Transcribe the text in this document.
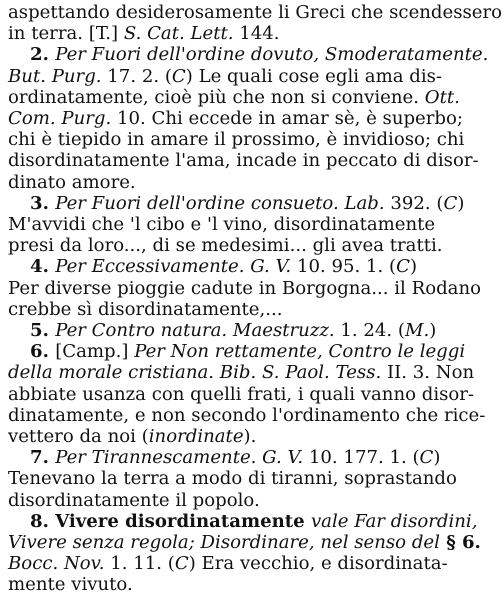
aspettando desiderosamente li Greci che scendessero
in terra. [T.] S. Cat. Lett. 144.
2. Per Fuori dell'ordine dovuto, Smoderatamente.
But. Purg. 17. 2. (C) Le quali cose egli ama dis-
ordinatamente, cioè più che non si conviene. Ott.
Com. Purg. 10. Chi eccede in amar sè, è superbo;
chi è tiepido in amare il prossimo, è invidioso; chi
disordinatamente l'ama, incade in peccato di disor-
dinato amore.
3. Per Fuori dell'ordine consueto. Lab. 392. (C)
M'avvidi che 'l cibo e 'l vino, disordinatamente
presi da loro..., di se medesimi... gli avea tratti.
4. Per Eccessivamente. G. V. 10. 95. 1. (C)
Per diverse pioggie cadute in Borgogna... il Rodano
crebbe sì disordinatamente,...
5. Per Contro natura. Maestruzz. 1. 24. (M.)
6. [Camp.] Per Non rettamente, Contro le leggi
della morale cristiana. Bib. S. Paol. Tess. II. 3. Non
abbiate usanza con quelli frati, i quali vanno disor-
dinatamente, e non secondo l'ordinamento che rice-
vettero da noi (inordinate).
7. Per Tirannescamente. G. V. 10. 177. 1. (C)
Tenevano la terra a modo di tiranni, soprastando
disordinatamente il popolo.
8. Vivere disordinatamente vale Far disordini,
Vivere senza regola; Disordinare, nel senso del § 6.
Bocc. Nov. 1. 11. (C) Era vecchio, e disordinata-
mente vivuto.
